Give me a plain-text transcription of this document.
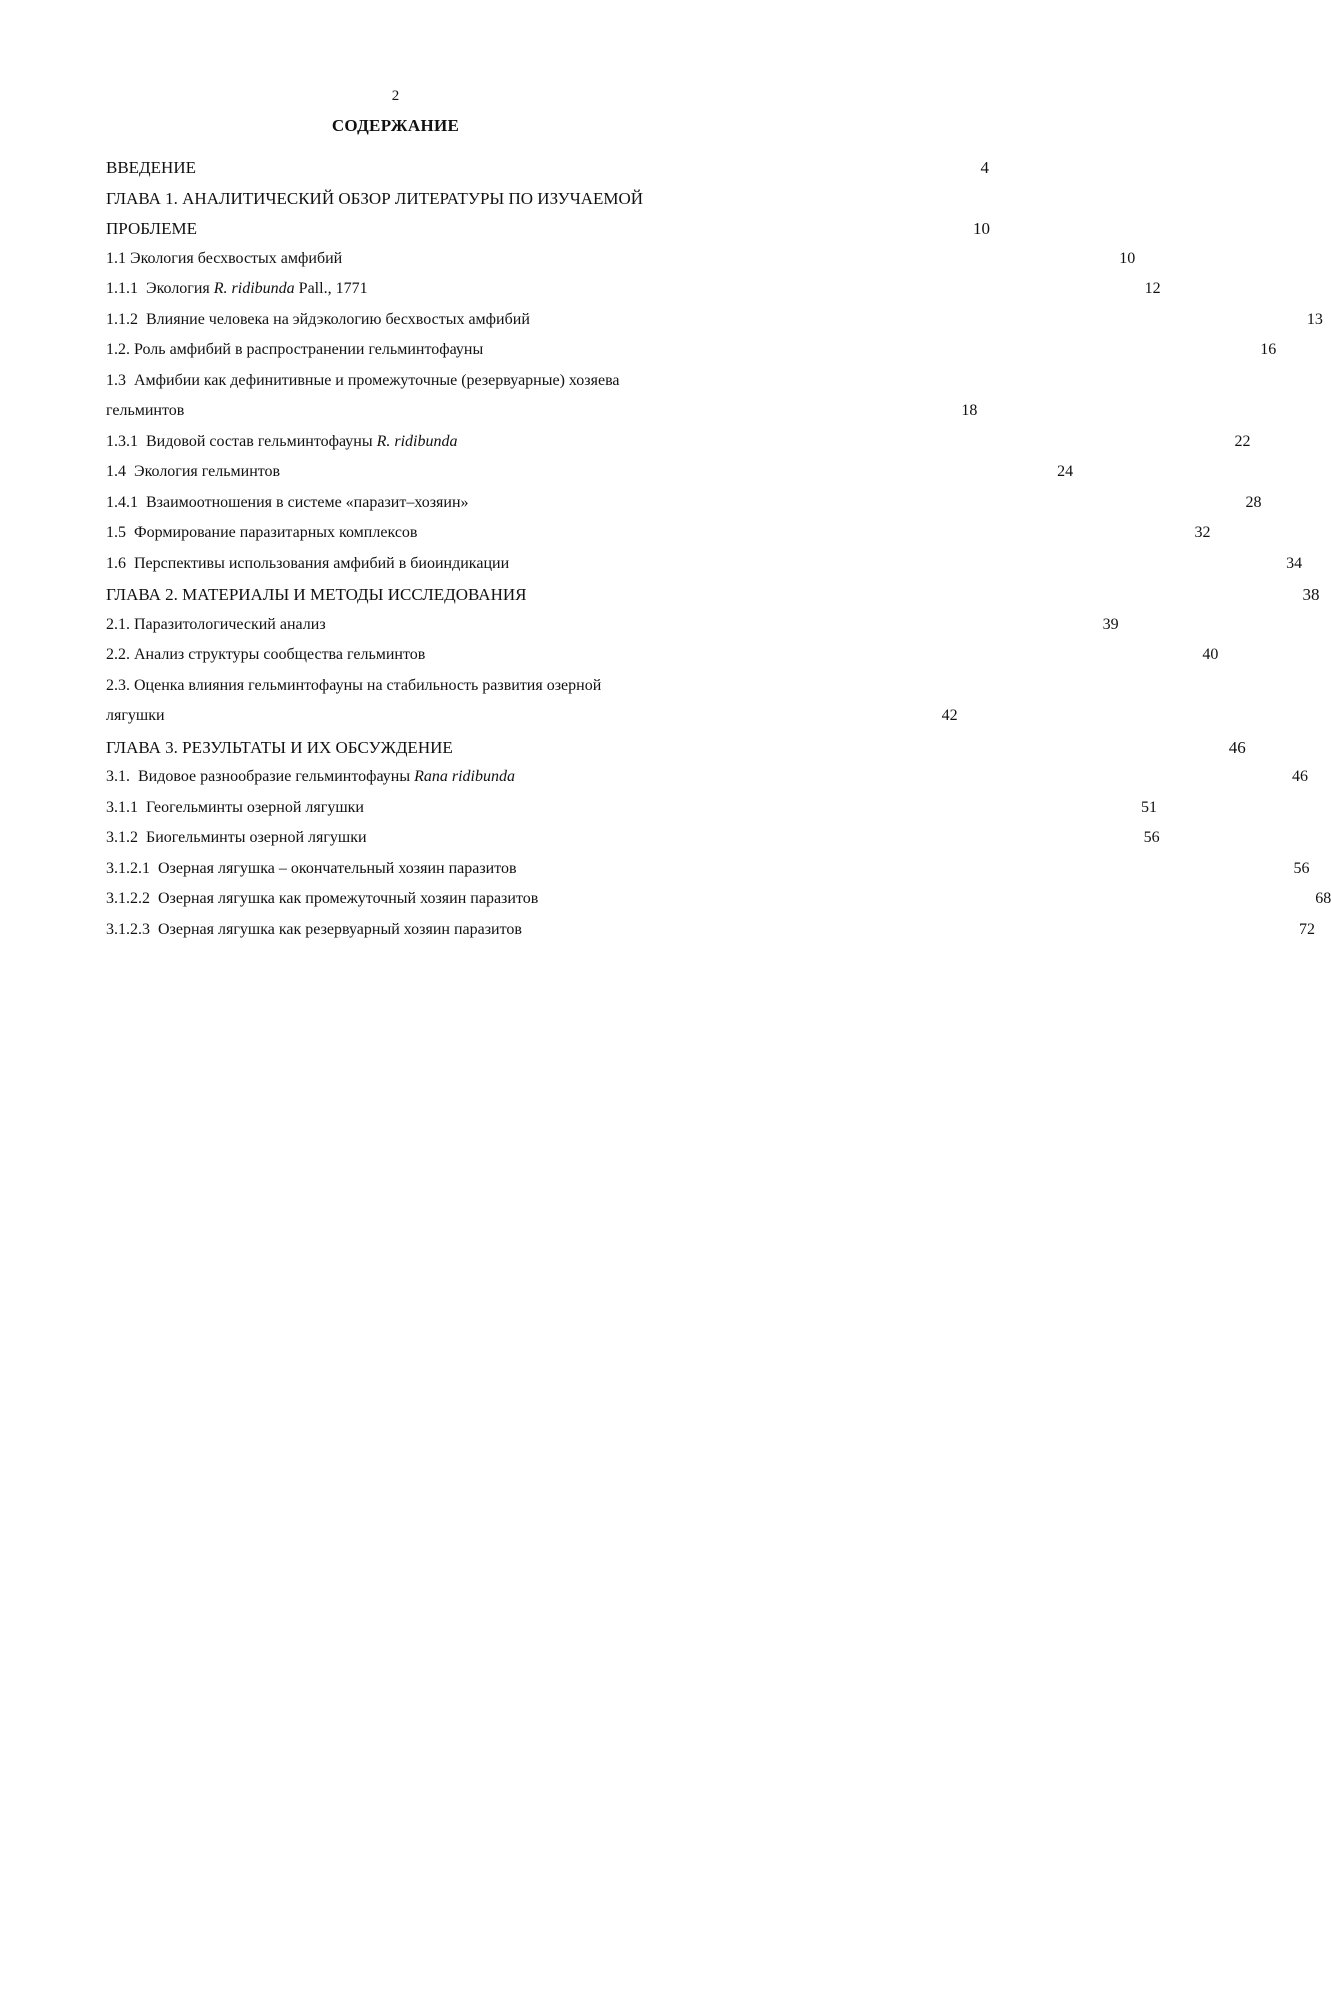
2
СОДЕРЖАНИЕ
ВВЕДЕНИЕ	4
ГЛАВА 1. АНАЛИТИЧЕСКИЙ ОБЗОР ЛИТЕРАТУРЫ ПО ИЗУЧАЕМОЙ
ПРОБЛЕМЕ	10
1.1 Экология бесхвостых амфибий	10
1.1.1 Экология R. ridibunda Pall., 1771	12
1.1.2 Влияние человека на эйдэкологию бесхвостых амфибий	13
1.2. Роль амфибий в распространении гельминтофауны	16
1.3 Амфибии как дефинитивные и промежуточные (резервуарные) хозяева
гельминтов	18
1.3.1 Видовой состав гельминтофауны R. ridibunda	22
1.4 Экология гельминтов	24
1.4.1 Взаимоотношения в системе «паразит–хозяин»	28
1.5 Формирование паразитарных комплексов	32
1.6 Перспективы использования амфибий в биоиндикации	34
ГЛАВА 2. МАТЕРИАЛЫ И МЕТОДЫ ИССЛЕДОВАНИЯ	38
2.1. Паразитологический анализ	39
2.2. Анализ структуры сообщества гельминтов	40
2.3. Оценка влияния гельминтофауны на стабильность развития озерной
лягушки	42
ГЛАВА 3. РЕЗУЛЬТАТЫ И ИХ ОБСУЖДЕНИЕ	46
3.1. Видовое разнообразие гельминтофауны Rana ridibunda	46
3.1.1 Геогельминты озерной лягушки	51
3.1.2 Биогельминты озерной лягушки	56
3.1.2.1 Озерная лягушка – окончательный хозяин паразитов	56
3.1.2.2 Озерная лягушка как промежуточный хозяин паразитов	68
3.1.2.3 Озерная лягушка как резервуарный хозяин паразитов	72
